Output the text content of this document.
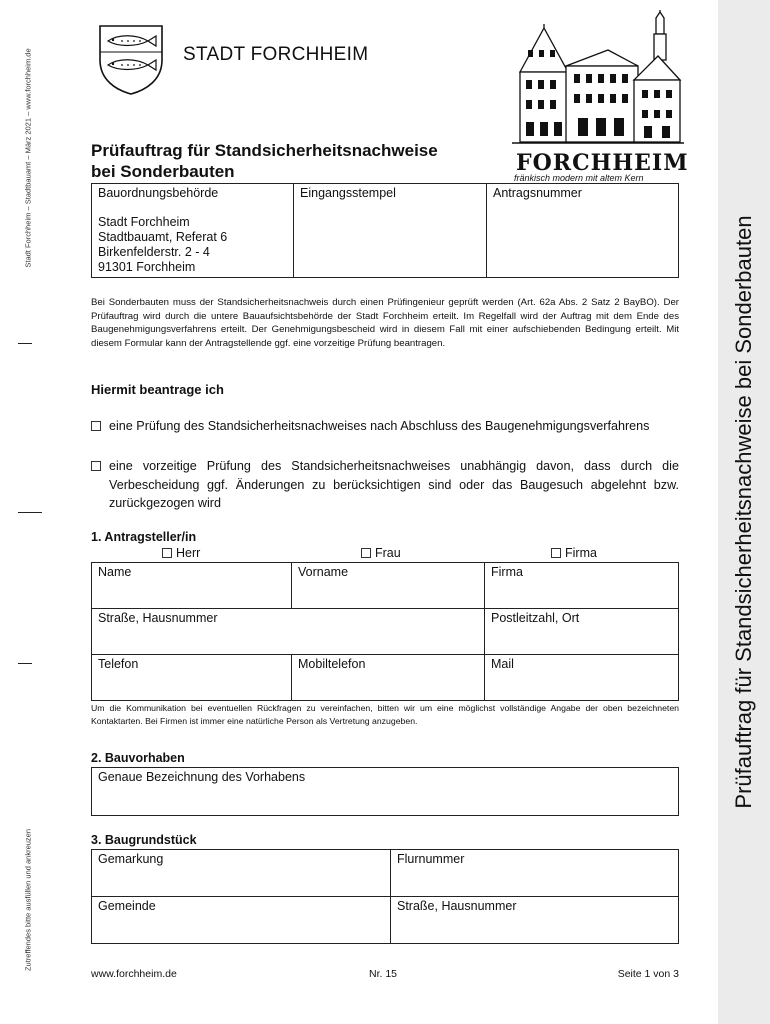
Prüfauftrag für Standsicherheitsnachweise bei Sonderbauten
Stadt Forchheim – Stadtbauamt – März 2021 – www.forchheim.de
Zutreffendes bitte ausfüllen und ankreuzen
STADT FORCHHEIM
FORCHHEIM
fränkisch modern mit altem Kern
Prüfauftrag für Standsicherheitsnachweise
bei Sonderbauten
Bauordnungsbehörde
Stadt Forchheim
Stadtbauamt, Referat 6
Birkenfelderstr. 2 - 4
91301 Forchheim

Eingangsstempel	Antragsnummer
Bei Sonderbauten muss der Standsicherheitsnachweis durch einen Prüfingenieur geprüft werden (Art. 62a Abs. 2 Satz 2 BayBO). Der Prüfauftrag wird durch die untere Bauaufsichtsbehörde der Stadt Forchheim erteilt. Im Regelfall wird der Auftrag mit dem Ende des Baugenehmigungsverfahrens erteilt. Der Genehmigungsbescheid wird in diesem Fall mit einer aufschiebenden Bedingung erteilt. Mit diesem Formular kann der Antragstellende ggf. eine vorzeitige Prüfung beantragen.
Hiermit beantrage ich
eine Prüfung des Standsicherheitsnachweises nach Abschluss des Baugenehmigungsverfahrens
eine vorzeitige Prüfung des Standsicherheitsnachweises unabhängig davon, dass durch die Verbescheidung ggf. Änderungen zu berücksichtigen sind oder das Baugesuch abgelehnt bzw. zurückgezogen wird
1. Antragsteller/in
Herr	Frau	Firma
Name	Vorname	Firma
Straße, Hausnummer		Postleitzahl, Ort
Telefon	Mobiltelefon	Mail
Um die Kommunikation bei eventuellen Rückfragen zu vereinfachen, bitten wir um eine möglichst vollständige Angabe der oben bezeichneten Kontaktarten. Bei Firmen ist immer eine natürliche Person als Vertretung anzugeben.
2. Bauvorhaben
Genaue Bezeichnung des Vorhabens
3. Baugrundstück
Gemarkung	Flurnummer
Gemeinde	Straße, Hausnummer
www.forchheim.de	Nr. 15	Seite 1 von 3
